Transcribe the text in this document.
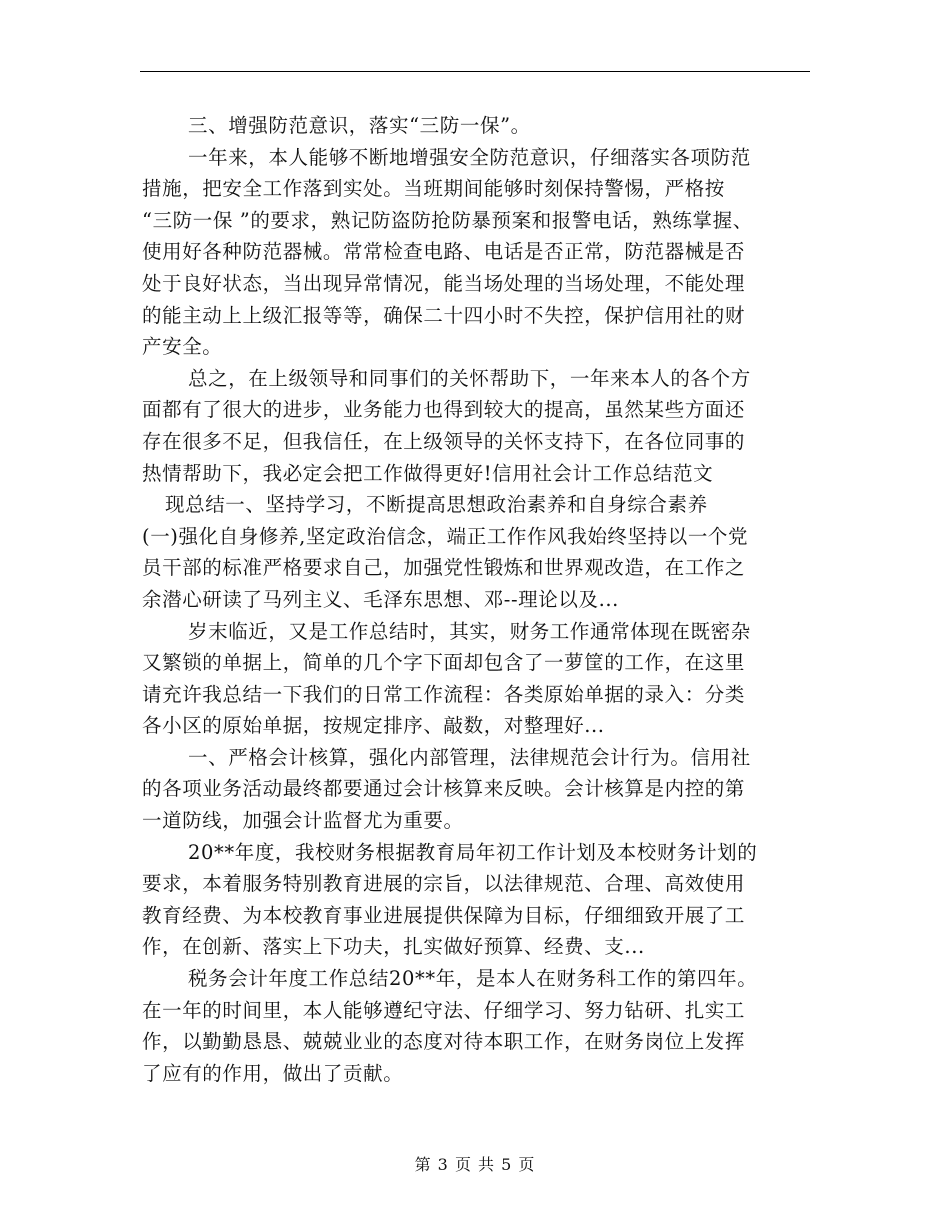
三、增强防范意识，落实“三防一保”。
一年来，本人能够不断地增强安全防范意识，仔细落实各项防范
措施，把安全工作落到实处。当班期间能够时刻保持警惕，严格按
“三防一保 ”的要求，熟记防盗防抢防暴预案和报警电话，熟练掌握、
使用好各种防范器械。常常检查电路、电话是否正常，防范器械是否
处于良好状态，当出现异常情况，能当场处理的当场处理，不能处理
的能主动上上级汇报等等，确保二十四小时不失控，保护信用社的财
产安全。
总之，在上级领导和同事们的关怀帮助下，一年来本人的各个方
面都有了很大的进步，业务能力也得到较大的提高，虽然某些方面还
存在很多不足，但我信任，在上级领导的关怀支持下，在各位同事的
热情帮助下，我必定会把工作做得更好!信用社会计工作总结范文
现总结一、坚持学习，不断提高思想政治素养和自身综合素养
(一)强化自身修养,坚定政治信念，端正工作作风我始终坚持以一个党
员干部的标准严格要求自己，加强党性锻炼和世界观改造，在工作之
余潜心研读了马列主义、毛泽东思想、邓--理论以及...
岁末临近，又是工作总结时，其实，财务工作通常体现在既密杂
又繁锁的单据上，简单的几个字下面却包含了一萝筐的工作，在这里
请充许我总结一下我们的日常工作流程：各类原始单据的录入：分类
各小区的原始单据，按规定排序、敲数，对整理好...
一、严格会计核算，强化内部管理，法律规范会计行为。信用社
的各项业务活动最终都要通过会计核算来反映。会计核算是内控的第
一道防线，加强会计监督尤为重要。
20**年度，我校财务根据教育局年初工作计划及本校财务计划的
要求，本着服务特别教育进展的宗旨，以法律规范、合理、高效使用
教育经费、为本校教育事业进展提供保障为目标，仔细细致开展了工
作，在创新、落实上下功夫，扎实做好预算、经费、支...
税务会计年度工作总结20**年，是本人在财务科工作的第四年。
在一年的时间里，本人能够遵纪守法、仔细学习、努力钻研、扎实工
作，以勤勤恳恳、兢兢业业的态度对待本职工作，在财务岗位上发挥
了应有的作用，做出了贡献。
第 3 页 共 5 页
